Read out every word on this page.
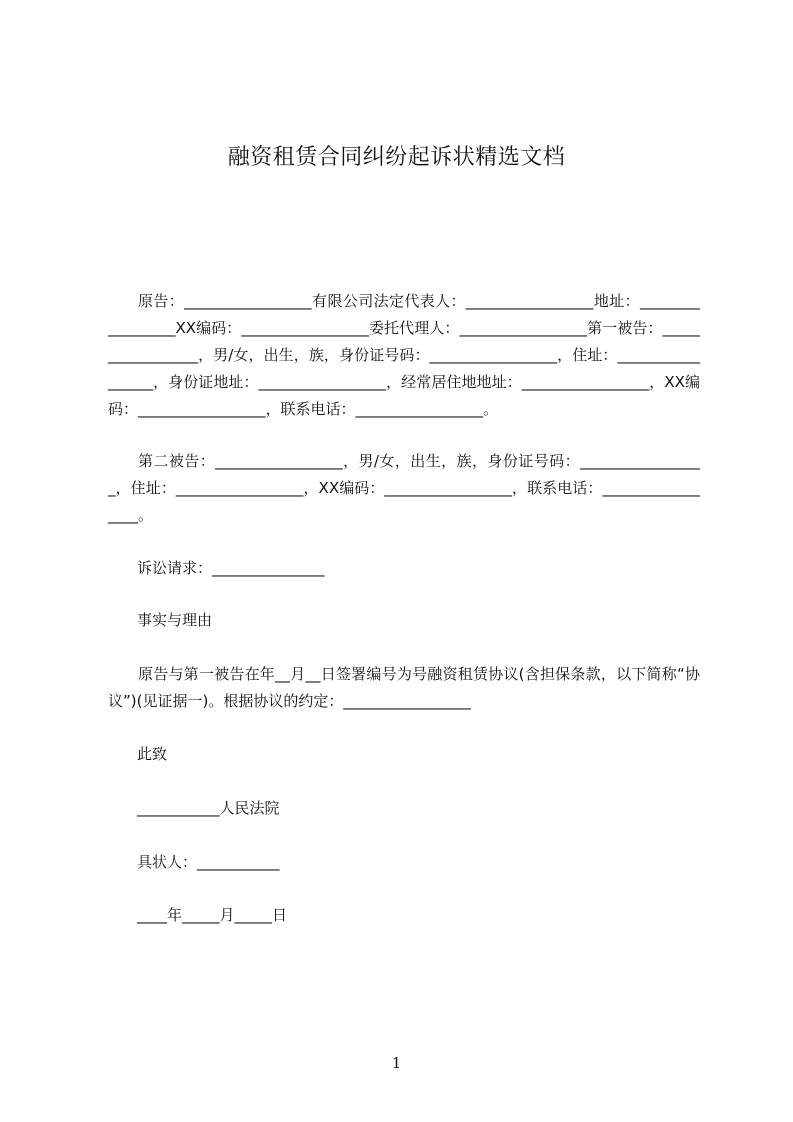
融资租赁合同纠纷起诉状精选文档
原告：_________________有限公司法定代表人：_________________地址：_________________XX编码：_________________委托代理人：_________________第一被告：_________________，男/女，出生，族，身份证号码：_________________，住址：_________________，身份证地址：_________________，经常居住地地址：_________________，XX编码：_________________，联系电话：_________________。
第二被告：_________________，男/女，出生，族，身份证号码：_________________，住址：_________________，XX编码：_________________，联系电话：_________________。
诉讼请求：_______________
事实与理由
原告与第一被告在年__月__日签署编号为号融资租赁协议(含担保条款，以下简称“协议”)(见证据一)。根据协议的约定：_________________
此致
___________人民法院
具状人：___________
____年_____月_____日
1
